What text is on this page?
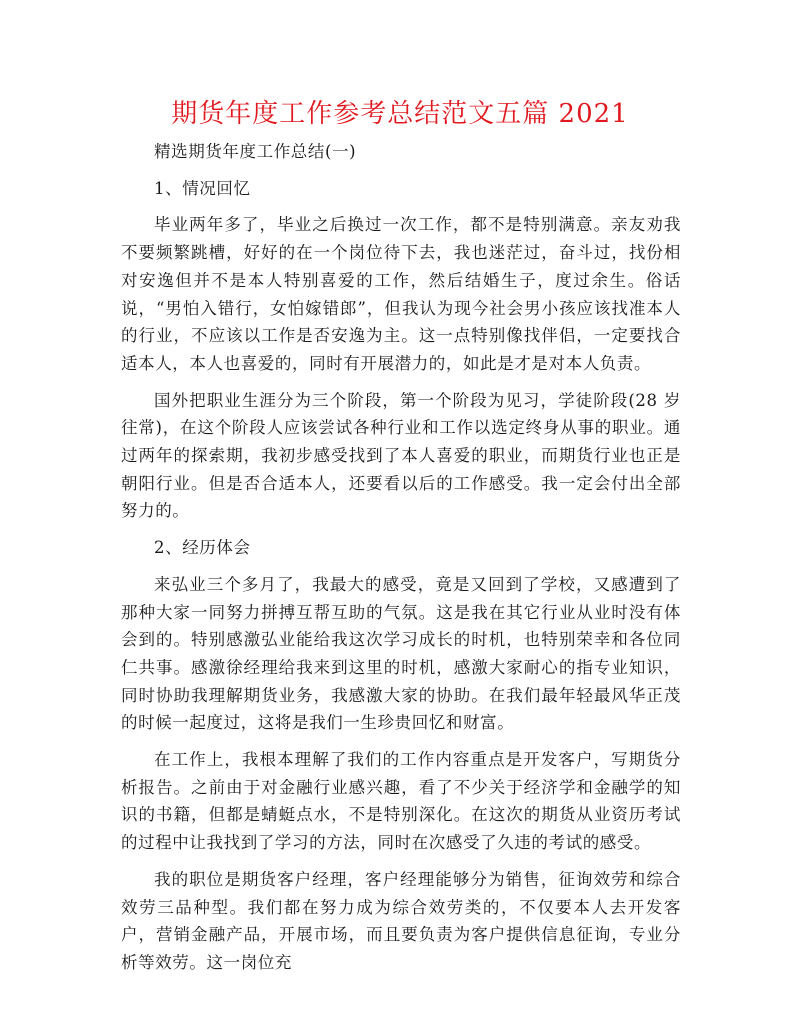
期货年度工作参考总结范文五篇 2021

精选期货年度工作总结(一)

1、情况回忆

毕业两年多了，毕业之后换过一次工作，都不是特别满意。亲友劝我不要频繁跳槽，好好的在一个岗位待下去，我也迷茫过，奋斗过，找份相对安逸但并不是本人特别喜爱的工作，然后结婚生子，度过余生。俗话说，“男怕入错行，女怕嫁错郎”，但我认为现今社会男小孩应该找准本人的行业，不应该以工作是否安逸为主。这一点特别像找伴侣，一定要找合适本人，本人也喜爱的，同时有开展潜力的，如此是才是对本人负责。

国外把职业生涯分为三个阶段，第一个阶段为见习，学徒阶段(28 岁往常)，在这个阶段人应该尝试各种行业和工作以选定终身从事的职业。通过两年的探索期，我初步感受找到了本人喜爱的职业，而期货行业也正是朝阳行业。但是否合适本人，还要看以后的工作感受。我一定会付出全部努力的。

2、经历体会

来弘业三个多月了，我最大的感受，竟是又回到了学校，又感遭到了那种大家一同努力拼搏互帮互助的气氛。这是我在其它行业从业时没有体会到的。特别感激弘业能给我这次学习成长的时机，也特别荣幸和各位同仁共事。感激徐经理给我来到这里的时机，感激大家耐心的指专业知识，同时协助我理解期货业务，我感激大家的协助。在我们最年轻最风华正茂的时候一起度过，这将是我们一生珍贵回忆和财富。

在工作上，我根本理解了我们的工作内容重点是开发客户，写期货分析报告。之前由于对金融行业感兴趣，看了不少关于经济学和金融学的知识的书籍，但都是蜻蜓点水，不是特别深化。在这次的期货从业资历考试的过程中让我找到了学习的方法，同时在次感受了久违的考试的感受。

我的职位是期货客户经理，客户经理能够分为销售，征询效劳和综合效劳三品种型。我们都在努力成为综合效劳类的，不仅要本人去开发客户，营销金融产品，开展市场，而且要负责为客户提供信息征询，专业分析等效劳。这一岗位充
